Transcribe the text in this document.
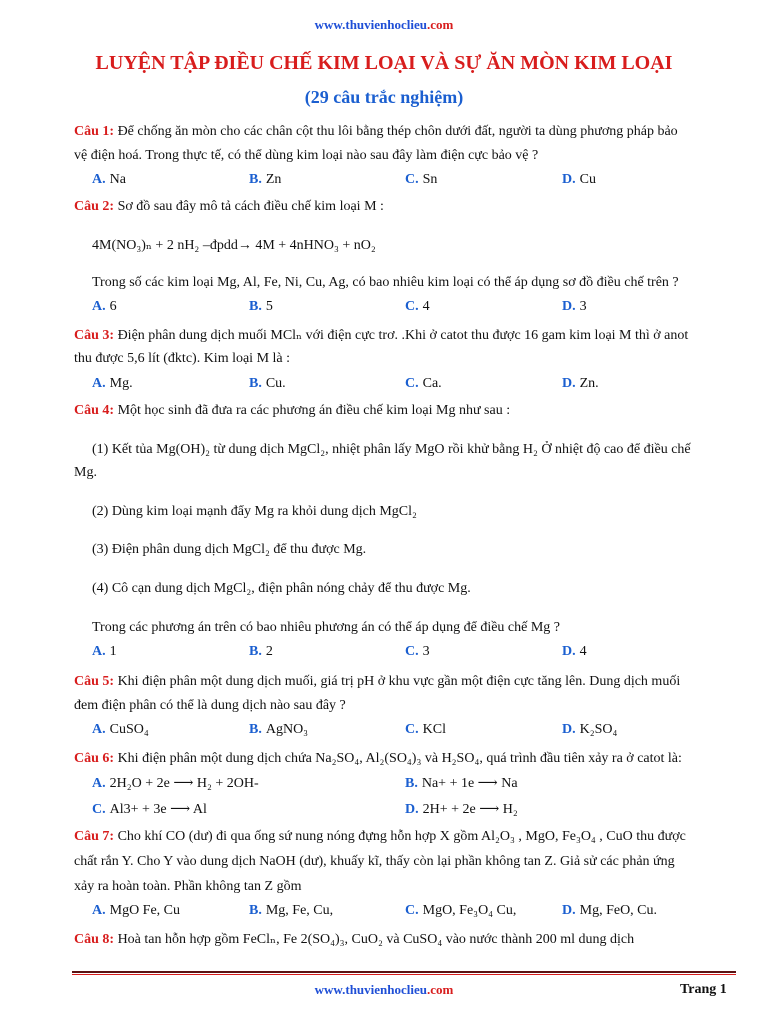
www.thuvienhoclieu.com
LUYỆN TẬP ĐIỀU CHẾ KIM LOẠI VÀ SỰ ĂN MÒN KIM LOẠI
(29 câu trắc nghiệm)
Câu 1: Để chống ăn mòn cho các chân cột thu lôi bằng thép chôn dưới đất, người ta dùng phương pháp bảo
vệ điện hoá. Trong thực tế, có thể dùng kim loại nào sau đây làm điện cực bảo vệ ?
A. Na	B. Zn	C. Sn	D. Cu
Câu 2: Sơ đồ sau đây mô tả cách điều chế kim loại M :
4M(NO₃)ₙ + 2 nH₂ –đpdd→ 4M + 4nHNO₃ + nO₂
Trong số các kim loại Mg, Al, Fe, Ni, Cu, Ag, có bao nhiêu kim loại có thể áp dụng sơ đồ điều chế trên ?
A. 6	B. 5	C. 4	D. 3
Câu 3: Điện phân dung dịch muối MClₙ với điện cực trơ. .Khi ở catot thu được 16 gam kim loại M thì ở anot
thu được 5,6 lít (đktc). Kim loại M là :
A. Mg.	B. Cu.	C. Ca.	D. Zn.
Câu 4: Một học sinh đã đưa ra các phương án điều chế kim loại Mg như sau :
(1) Kết tủa Mg(OH)₂ từ dung dịch MgCl₂, nhiệt phân lấy MgO rồi khử bằng H₂ Ở nhiệt độ cao để điều chế
Mg.
(2) Dùng kim loại mạnh đẩy Mg ra khỏi dung dịch MgCl₂
(3) Điện phân dung dịch MgCl₂ để thu được Mg.
(4) Cô cạn dung dịch MgCl₂, điện phân nóng chảy để thu được Mg.
Trong các phương án trên có bao nhiêu phương án có thể áp dụng để điều chế Mg ?
A. 1	B. 2	C. 3	D. 4
Câu 5: Khi điện phân một dung dịch muối, giá trị pH ở khu vực gần một điện cực tăng lên. Dung dịch muối
đem điện phân có thể là dung dịch nào sau đây ?
A. CuSO₄	B. AgNO₃	C. KCl	D. K₂SO₄
Câu 6: Khi điện phân một dung dịch chứa Na₂SO₄, Al₂(SO₄)₃ và H₂SO₄, quá trình đầu tiên xảy ra ở catot là:
A. 2H₂O + 2e ⟶ H₂ + 2OH-	B. Na+ + 1e ⟶ Na
C. Al3+ + 3e ⟶ Al	D. 2H+ + 2e ⟶ H₂
Câu 7: Cho khí CO (dư) đi qua ống sứ nung nóng đựng hỗn hợp X gồm Al₂O₃ , MgO, Fe₃O₄ , CuO thu được
chất rắn Y. Cho Y vào dung dịch NaOH (dư), khuấy kĩ, thấy còn lại phần không tan Z. Giả sử các phản ứng
xảy ra hoàn toàn. Phần không tan Z gồm
A. MgO Fe, Cu	B. Mg, Fe, Cu,	C. MgO, Fe₃O₄ Cu,	D. Mg, FeO, Cu.
Câu 8: Hoà tan hỗn hợp gồm FeClₙ, Fe 2(SO₄)₃, CuO₂ và CuSO₄ vào nước thành 200 ml dung dịch
www.thuvienhoclieu.com	Trang 1
